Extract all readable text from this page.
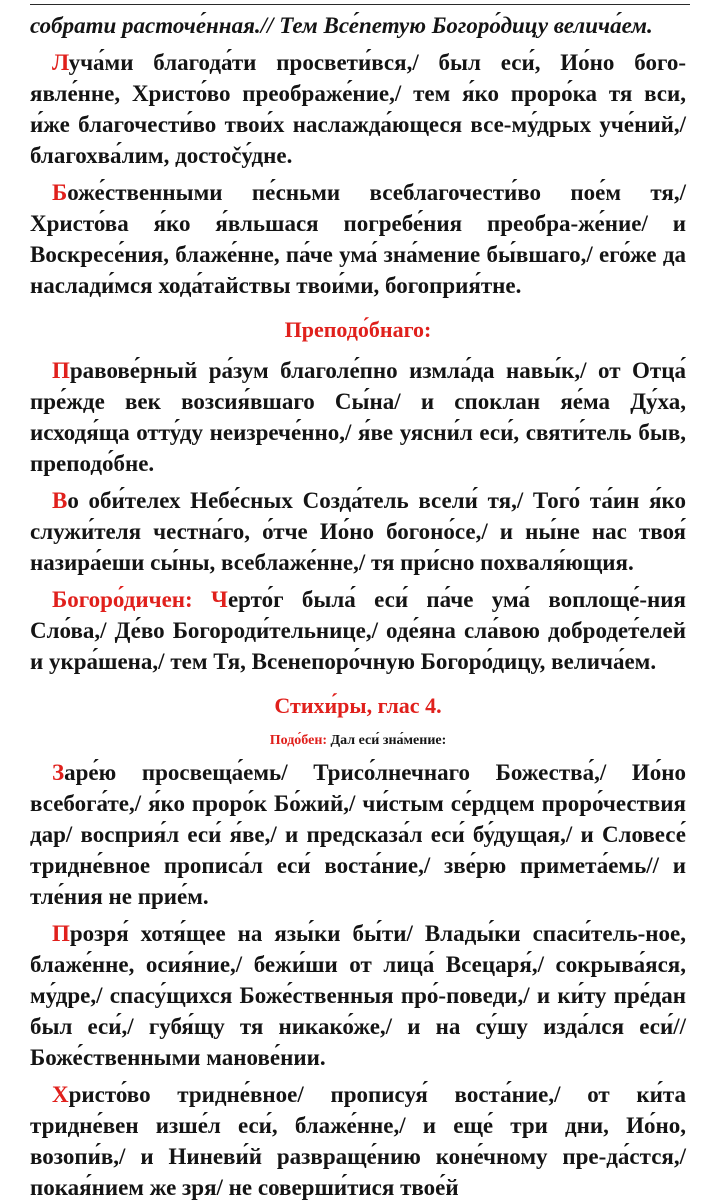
собрати расточе́нная.// Тем Все́петую Богоро́дицу велича́ем.

Луча́ми благода́ти просвети́вся,/ был еси́, Ио́но бого-явле́нне, Христо́во преображе́ние,/ тем я́ко проро́ка тя вси, и́же благочести́во твои́х наслажда́ющеся все-му́дрых уче́ний,/ благохва́лим, достočу́дне.

Боже́ственными пе́сньми всеблагочести́во пое́м тя,/ Христо́ва я́ко я́вльшася погребе́ния преобра-же́ние/ и Воскресе́ния, блаже́нне, па́че ума́ зна́мение бы́вшаго,/ его́же да наслади́мся хода́тайствы твои́ми, богоприя́тне.

Преподо́бнаго:

Правове́рный ра́зум благоле́пно измла́да навы́к,/ от Отца́ пре́жде век возсия́вшаго Сы́на/ и споклан яе́ма Ду́ха, исходя́ща отту́ду неизрече́нно,/ я́ве уясни́л еси́, святи́тель быв, преподо́бне.

Во оби́телех Небе́сных Созда́тель всели́ тя,/ Того́ та́ин я́ко служи́теля честна́го, о́тче Ио́но богоно́се,/ и ны́не нас твоя́ назира́еши сы́ны, всеблаже́нне,/ тя при́сно похваля́ющия.

Богоро́дичен: Черто́г была́ еси́ па́че ума́ воплоще́-ния Сло́ва,/ Де́во Богороди́тельнице,/ оде́яна сла́вою добродет́елей и укра́шена,/ тем Тя, Всенепоро́чную Богоро́дицу, велича́ем.

Стихи́ры, глас 4.

Подо́бен: Дал еси́ зна́мение:

Заре́ю просвеща́емь/ Трисо́лнечнаго Божества́,/ Ио́но всебога́те,/ я́ко проро́к Бо́жий,/ чи́стым се́рдцем проро́чествия дар/ восприя́л еси́ я́ве,/ и предсказа́л еси́ бу́дущая,/ и Словесе́ тридне́вное прописа́л еси́ воста́ние,/ зве́рю примета́емь// и тле́ния не прие́м.

Прозря́ хотя́щее на язы́ки бы́ти/ Влады́ки спаси́тель-ное, блаже́нне, осия́ние,/ бежи́ши от лица́ Всецаря́,/ сокрыва́яся, му́дре,/ спасу́щихся Боже́ственныя про́-поведи,/ и ки́ту пре́дан был еси́,/ губя́щу тя никако́же,/ и на су́шу изда́лся еси́// Боже́ственными манове́нии.

Христо́во тридне́вное/ прописуя́ воста́ние,/ от ки́та тридне́вен изше́л еси́, блаже́нне,/ и еще́ три дни, Ио́но, возопи́в,/ и Ниневи́й развраще́нию коне́чному пре-да́стся,/ покая́нием же зря/ не соверши́тися твое́й
